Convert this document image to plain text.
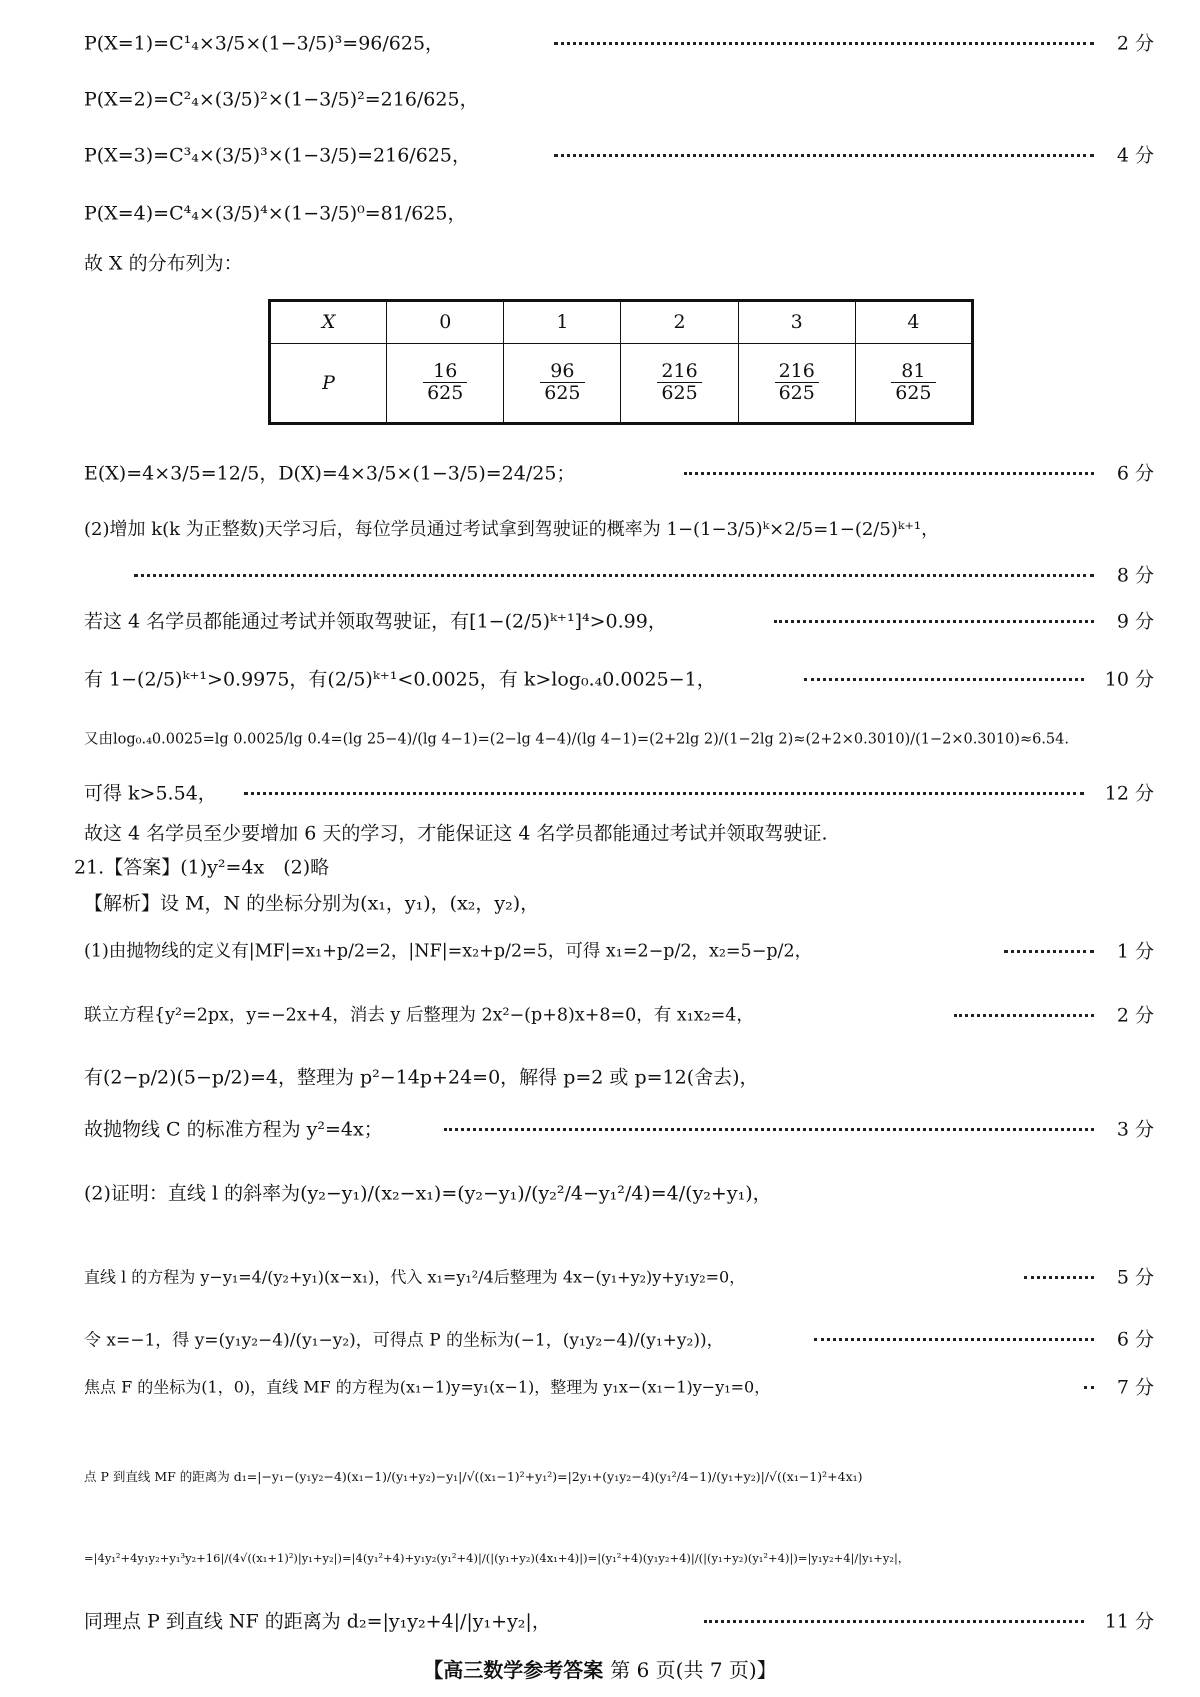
P(X=1)=C¹₄×3/5×(1−3/5)³=96/625，	2 分
P(X=2)=C²₄×(3/5)²×(1−3/5)²=216/625，
P(X=3)=C³₄×(3/5)³×(1−3/5)=216/625，	4 分
P(X=4)=C⁴₄×(3/5)⁴×(1−3/5)⁰=81/625，
故 X 的分布列为：
X	0	1	2	3	4
P	$\frac{16}{625}$	$\frac{96}{625}$	$\frac{216}{625}$	$\frac{216}{625}$	$\frac{81}{625}$
E(X)=4×3/5=12/5，D(X)=4×3/5×(1−3/5)=24/25；	6 分
(2)增加 k(k 为正整数)天学习后，每位学员通过考试拿到驾驶证的概率为 1−(1−3/5)ᵏ×2/5=1−(2/5)ᵏ⁺¹，
8 分
若这 4 名学员都能通过考试并领取驾驶证，有[1−(2/5)ᵏ⁺¹]⁴>0.99，	9 分
有 1−(2/5)ᵏ⁺¹>0.9975，有(2/5)ᵏ⁺¹<0.0025，有 k>log₀.₄0.0025−1，	10 分
又由log₀.₄0.0025=lg 0.0025/lg 0.4=(lg 25−4)/(lg 4−1)=(2−lg 4−4)/(lg 4−1)=(2+2lg 2)/(1−2lg 2)≈(2+2×0.3010)/(1−2×0.3010)≈6.54.
可得 k>5.54，	12 分
故这 4 名学员至少要增加 6 天的学习，才能保证这 4 名学员都能通过考试并领取驾驶证.
21.【答案】(1)y²=4x　(2)略
【解析】设 M，N 的坐标分别为(x₁，y₁)，(x₂，y₂)，
(1)由抛物线的定义有|MF|=x₁+p/2=2，|NF|=x₂+p/2=5，可得 x₁=2−p/2，x₂=5−p/2，	1 分
联立方程{y²=2px，y=−2x+4，消去 y 后整理为 2x²−(p+8)x+8=0，有 x₁x₂=4，	2 分
有(2−p/2)(5−p/2)=4，整理为 p²−14p+24=0，解得 p=2 或 p=12(舍去)，
故抛物线 C 的标准方程为 y²=4x；	3 分
(2)证明：直线 l 的斜率为(y₂−y₁)/(x₂−x₁)=(y₂−y₁)/(y₂²/4−y₁²/4)=4/(y₂+y₁)，
直线 l 的方程为 y−y₁=4/(y₂+y₁)(x−x₁)，代入 x₁=y₁²/4后整理为 4x−(y₁+y₂)y+y₁y₂=0，	5 分
令 x=−1，得 y=(y₁y₂−4)/(y₁−y₂)，可得点 P 的坐标为(−1，(y₁y₂−4)/(y₁+y₂))，	6 分
焦点 F 的坐标为(1，0)，直线 MF 的方程为(x₁−1)y=y₁(x−1)，整理为 y₁x−(x₁−1)y−y₁=0，	7 分
点 P 到直线 MF 的距离为 d₁=|−y₁−(y₁y₂−4)(x₁−1)/(y₁+y₂)−y₁|/√((x₁−1)²+y₁²)=|2y₁+(y₁y₂−4)(y₁²/4−1)/(y₁+y₂)|/√((x₁−1)²+4x₁)
=|4y₁²+4y₁y₂+y₁³y₂+16|/(4√((x₁+1)²)|y₁+y₂|)=|4(y₁²+4)+y₁y₂(y₁²+4)|/(|(y₁+y₂)(4x₁+4)|)=|(y₁²+4)(y₁y₂+4)|/(|(y₁+y₂)(y₁²+4)|)=|y₁y₂+4|/|y₁+y₂|，
同理点 P 到直线 NF 的距离为 d₂=|y₁y₂+4|/|y₁+y₂|，	11 分
【高三数学参考答案 第 6 页(共 7 页)】
